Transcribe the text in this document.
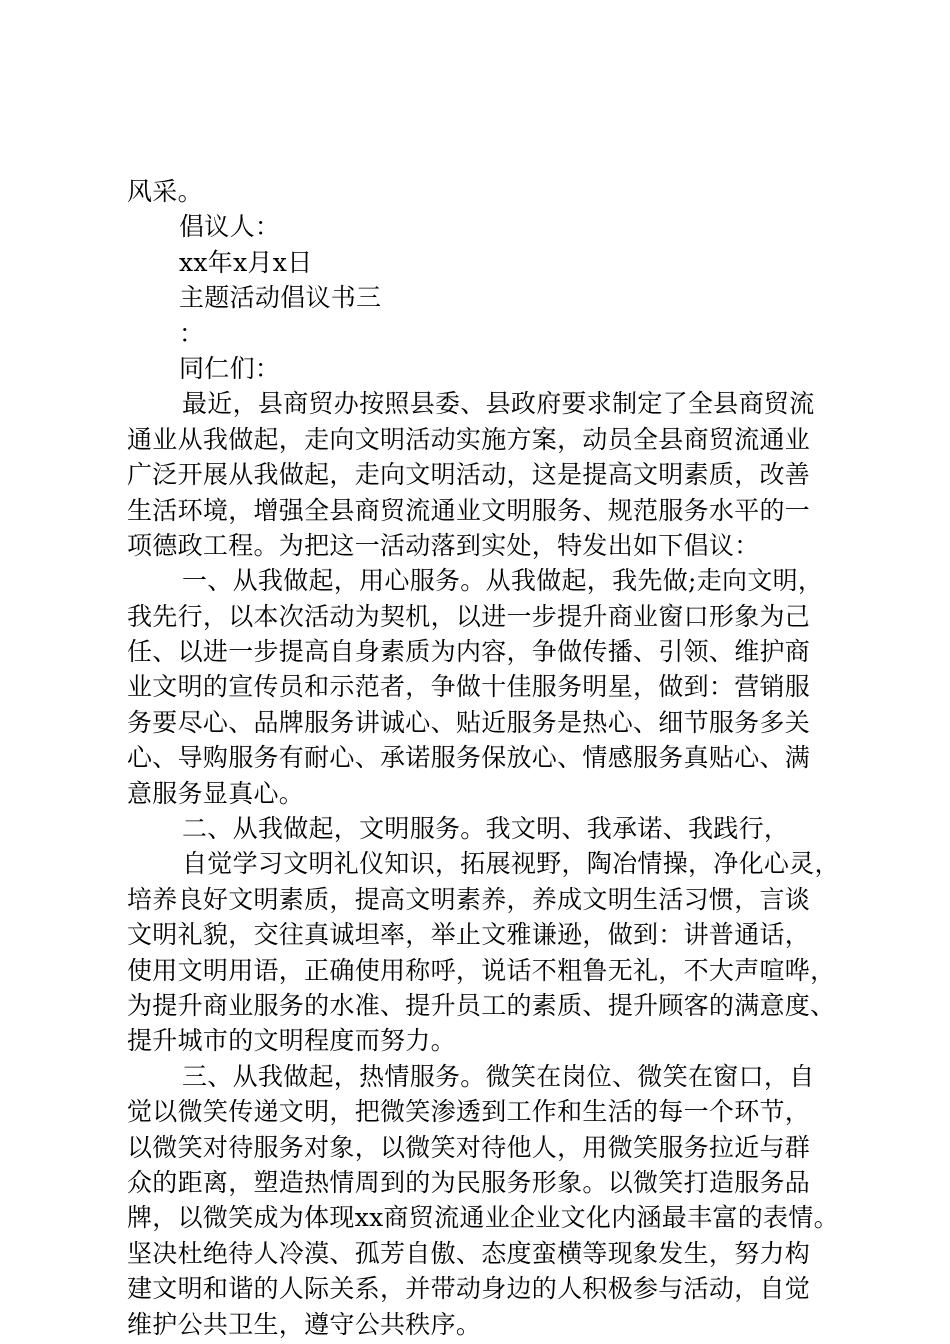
风采。
倡议人：
xx年x月x日
主题活动倡议书三
：
同仁们：
最近，县商贸办按照县委、县政府要求制定了全县商贸流
通业从我做起，走向文明活动实施方案，动员全县商贸流通业
广泛开展从我做起，走向文明活动，这是提高文明素质，改善
生活环境，增强全县商贸流通业文明服务、规范服务水平的一
项德政工程。为把这一活动落到实处，特发出如下倡议：
一、从我做起，用心服务。从我做起，我先做;走向文明，
我先行，以本次活动为契机，以进一步提升商业窗口形象为己
任、以进一步提高自身素质为内容，争做传播、引领、维护商
业文明的宣传员和示范者，争做十佳服务明星，做到：营销服
务要尽心、品牌服务讲诚心、贴近服务是热心、细节服务多关
心、导购服务有耐心、承诺服务保放心、情感服务真贴心、满
意服务显真心。
二、从我做起，文明服务。我文明、我承诺、我践行，
自觉学习文明礼仪知识，拓展视野，陶冶情操，净化心灵，
培养良好文明素质，提高文明素养，养成文明生活习惯，言谈
文明礼貌，交往真诚坦率，举止文雅谦逊，做到：讲普通话，
使用文明用语，正确使用称呼，说话不粗鲁无礼，不大声喧哗，
为提升商业服务的水准、提升员工的素质、提升顾客的满意度、
提升城市的文明程度而努力。
三、从我做起，热情服务。微笑在岗位、微笑在窗口，自
觉以微笑传递文明，把微笑渗透到工作和生活的每一个环节，
以微笑对待服务对象，以微笑对待他人，用微笑服务拉近与群
众的距离，塑造热情周到的为民服务形象。以微笑打造服务品
牌，以微笑成为体现xx商贸流通业企业文化内涵最丰富的表情。
坚决杜绝待人冷漠、孤芳自傲、态度蛮横等现象发生，努力构
建文明和谐的人际关系，并带动身边的人积极参与活动，自觉
维护公共卫生，遵守公共秩序。
